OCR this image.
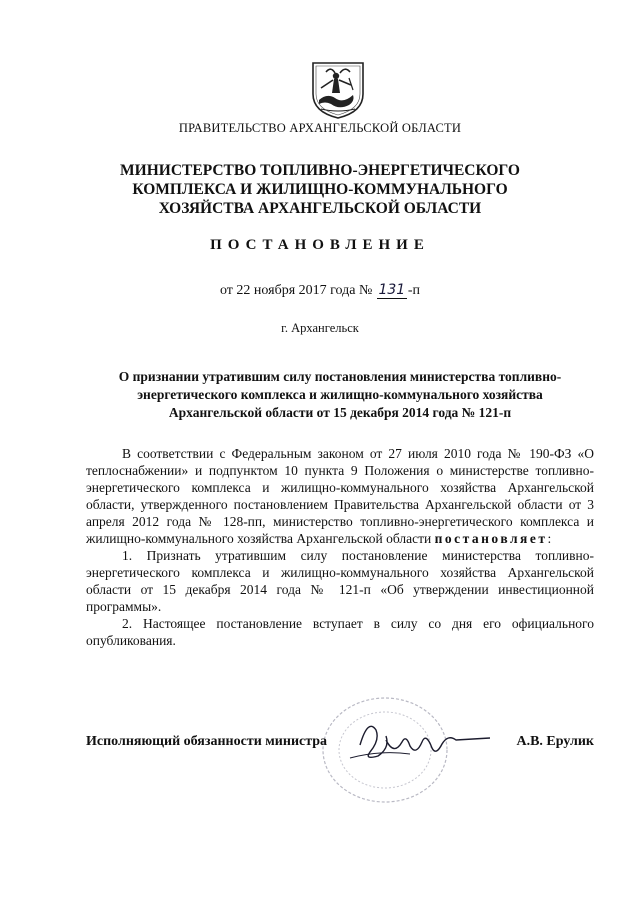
ПРАВИТЕЛЬСТВО АРХАНГЕЛЬСКОЙ ОБЛАСТИ
МИНИСТЕРСТВО ТОПЛИВНО-ЭНЕРГЕТИЧЕСКОГО
КОМПЛЕКСА И ЖИЛИЩНО-КОММУНАЛЬНОГО
ХОЗЯЙСТВА АРХАНГЕЛЬСКОЙ ОБЛАСТИ
ПОСТАНОВЛЕНИЕ
от 22 ноября 2017 года № 131 -п
г. Архангельск
О признании утратившим силу постановления министерства топливно-
энергетического комплекса и жилищно-коммунального хозяйства
Архангельской области от 15 декабря 2014 года № 121-п

В соответствии с Федеральным законом от 27 июля 2010 года № 190-ФЗ «О теплоснабжении» и подпунктом 10 пункта 9 Положения о министерстве топливно-энергетического комплекса и жилищно-коммунального хозяйства Архангельской области, утвержденного постановлением Правительства Архангельской области от 3 апреля 2012 года № 128-пп, министерство топливно-энергетического комплекса и жилищно-коммунального хозяйства Архангельской области постановляет:

1. Признать утратившим силу постановление министерства топливно-энергетического комплекса и жилищно-коммунального хозяйства Архангельской области от 15 декабря 2014 года № 121-п «Об утверждении инвестиционной программы».

2. Настоящее постановление вступает в силу со дня его официального опубликования.

Исполняющий обязанности министра	А.В. Ерулик
